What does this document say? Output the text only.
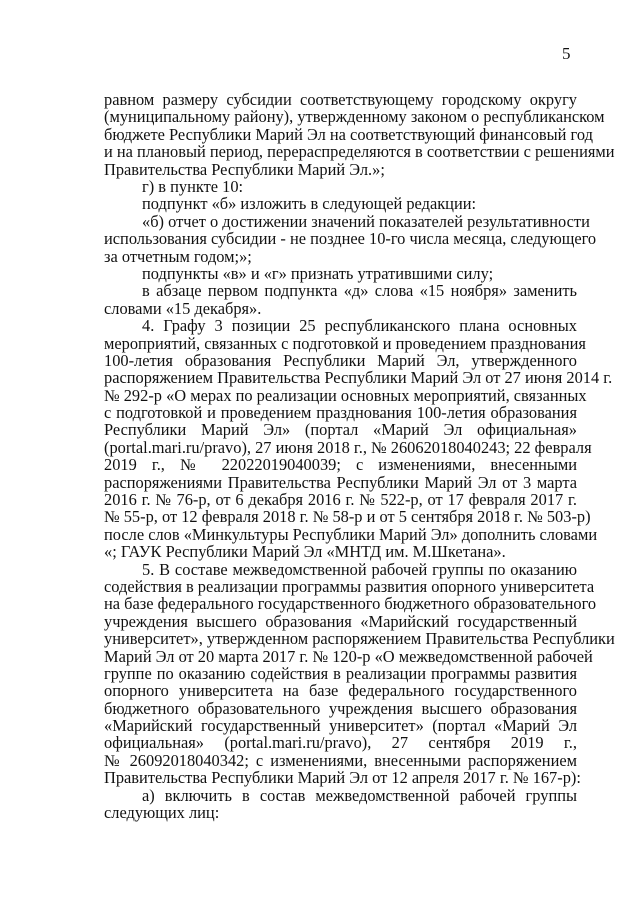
5
равном размеру субсидии соответствующему городскому округу
(муниципальному району), утвержденному законом о республиканском
бюджете Республики Марий Эл на соответствующий финансовый год
и на плановый период, перераспределяются в соответствии с решениями
Правительства Республики Марий Эл.»;
г) в пункте 10:
подпункт «б» изложить в следующей редакции:
«б) отчет о достижении значений показателей результативности
использования субсидии - не позднее 10-го числа месяца, следующего
за отчетным годом;»;
подпункты «в» и «г» признать утратившими силу;
в абзаце первом подпункта «д» слова «15 ноября» заменить
словами «15 декабря».
4. Графу 3 позиции 25 республиканского плана основных
мероприятий, связанных с подготовкой и проведением празднования
100-летия образования Республики Марий Эл, утвержденного
распоряжением Правительства Республики Марий Эл от 27 июня 2014 г.
№ 292-р «О мерах по реализации основных мероприятий, связанных
с подготовкой и проведением празднования 100-летия образования
Республики Марий Эл» (портал «Марий Эл официальная»
(portal.mari.ru/pravo), 27 июня 2018 г., № 26062018040243; 22 февраля
2019 г., № 22022019040039; с изменениями, внесенными
распоряжениями Правительства Республики Марий Эл от 3 марта
2016 г. № 76-р, от 6 декабря 2016 г. № 522-р, от 17 февраля 2017 г.
№ 55-р, от 12 февраля 2018 г. № 58-р и от 5 сентября 2018 г. № 503-р)
после слов «Минкультуры Республики Марий Эл» дополнить словами
«; ГАУК Республики Марий Эл «МНТД им. М.Шкетана».
5. В составе межведомственной рабочей группы по оказанию
содействия в реализации программы развития опорного университета
на базе федерального государственного бюджетного образовательного
учреждения высшего образования «Марийский государственный
университет», утвержденном распоряжением Правительства Республики
Марий Эл от 20 марта 2017 г. № 120-р «О межведомственной рабочей
группе по оказанию содействия в реализации программы развития
опорного университета на базе федерального государственного
бюджетного образовательного учреждения высшего образования
«Марийский государственный университет» (портал «Марий Эл
официальная» (portal.mari.ru/pravo), 27 сентября 2019 г.,
№ 26092018040342; с изменениями, внесенными распоряжением
Правительства Республики Марий Эл от 12 апреля 2017 г. № 167-р):
а) включить в состав межведомственной рабочей группы
следующих лиц:
